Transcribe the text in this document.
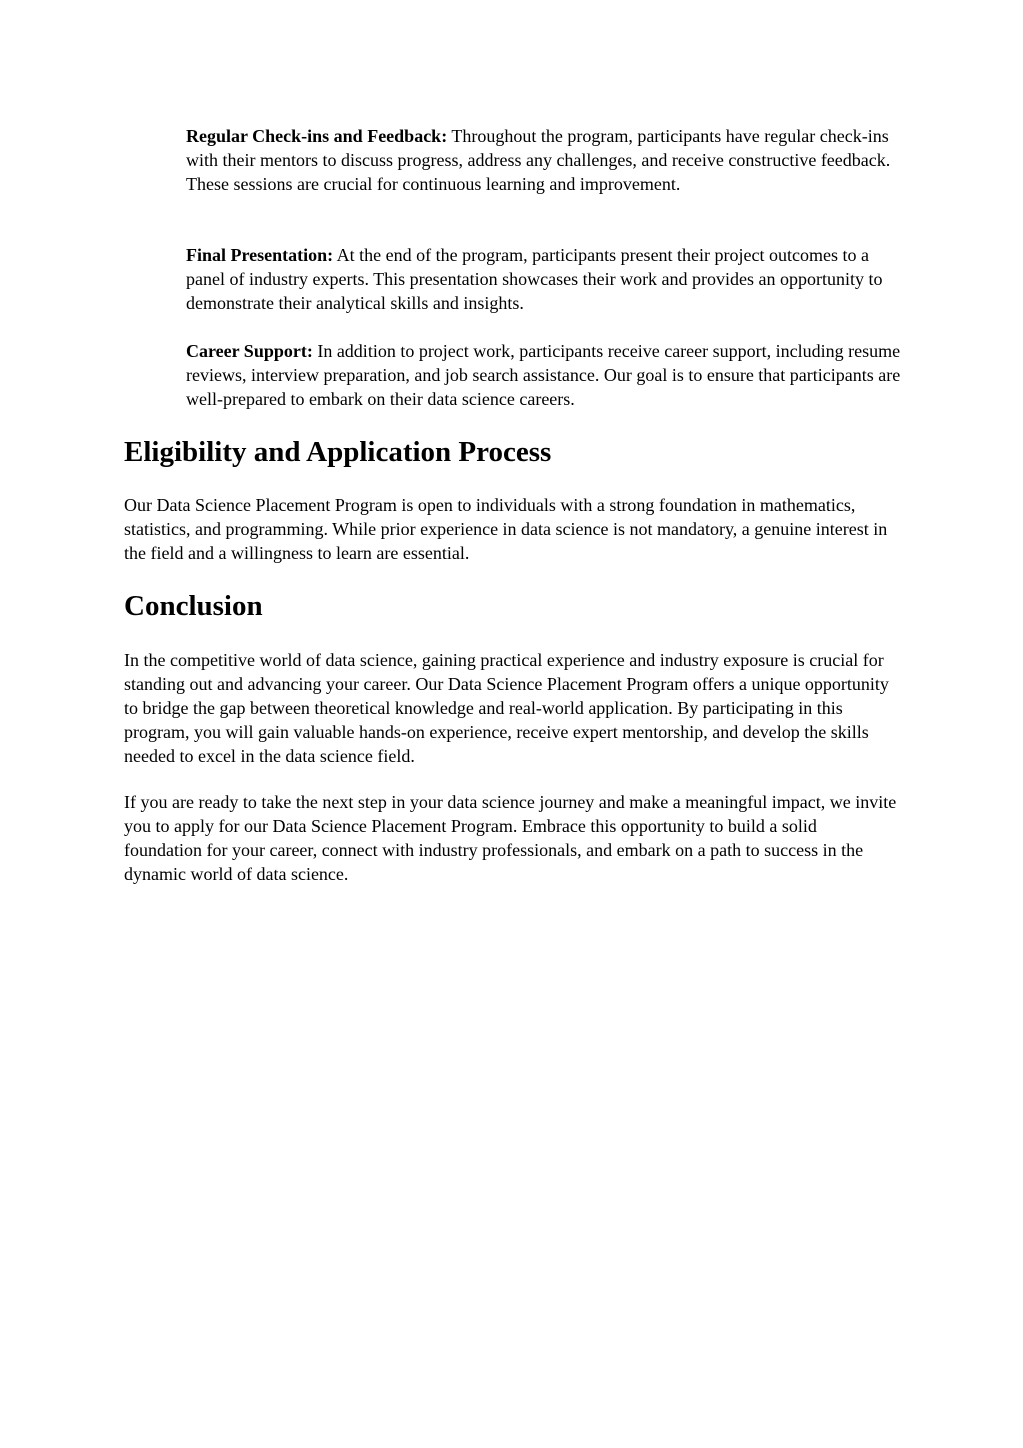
Regular Check-ins and Feedback: Throughout the program, participants have regular check-ins with their mentors to discuss progress, address any challenges, and receive constructive feedback. These sessions are crucial for continuous learning and improvement.

Final Presentation: At the end of the program, participants present their project outcomes to a panel of industry experts. This presentation showcases their work and provides an opportunity to demonstrate their analytical skills and insights.

Career Support: In addition to project work, participants receive career support, including resume reviews, interview preparation, and job search assistance. Our goal is to ensure that participants are well-prepared to embark on their data science careers.

Eligibility and Application Process

Our Data Science Placement Program is open to individuals with a strong foundation in mathematics, statistics, and programming. While prior experience in data science is not mandatory, a genuine interest in the field and a willingness to learn are essential.

Conclusion

In the competitive world of data science, gaining practical experience and industry exposure is crucial for standing out and advancing your career. Our Data Science Placement Program offers a unique opportunity to bridge the gap between theoretical knowledge and real-world application. By participating in this program, you will gain valuable hands-on experience, receive expert mentorship, and develop the skills needed to excel in the data science field.

If you are ready to take the next step in your data science journey and make a meaningful impact, we invite you to apply for our Data Science Placement Program. Embrace this opportunity to build a solid foundation for your career, connect with industry professionals, and embark on a path to success in the dynamic world of data science.
